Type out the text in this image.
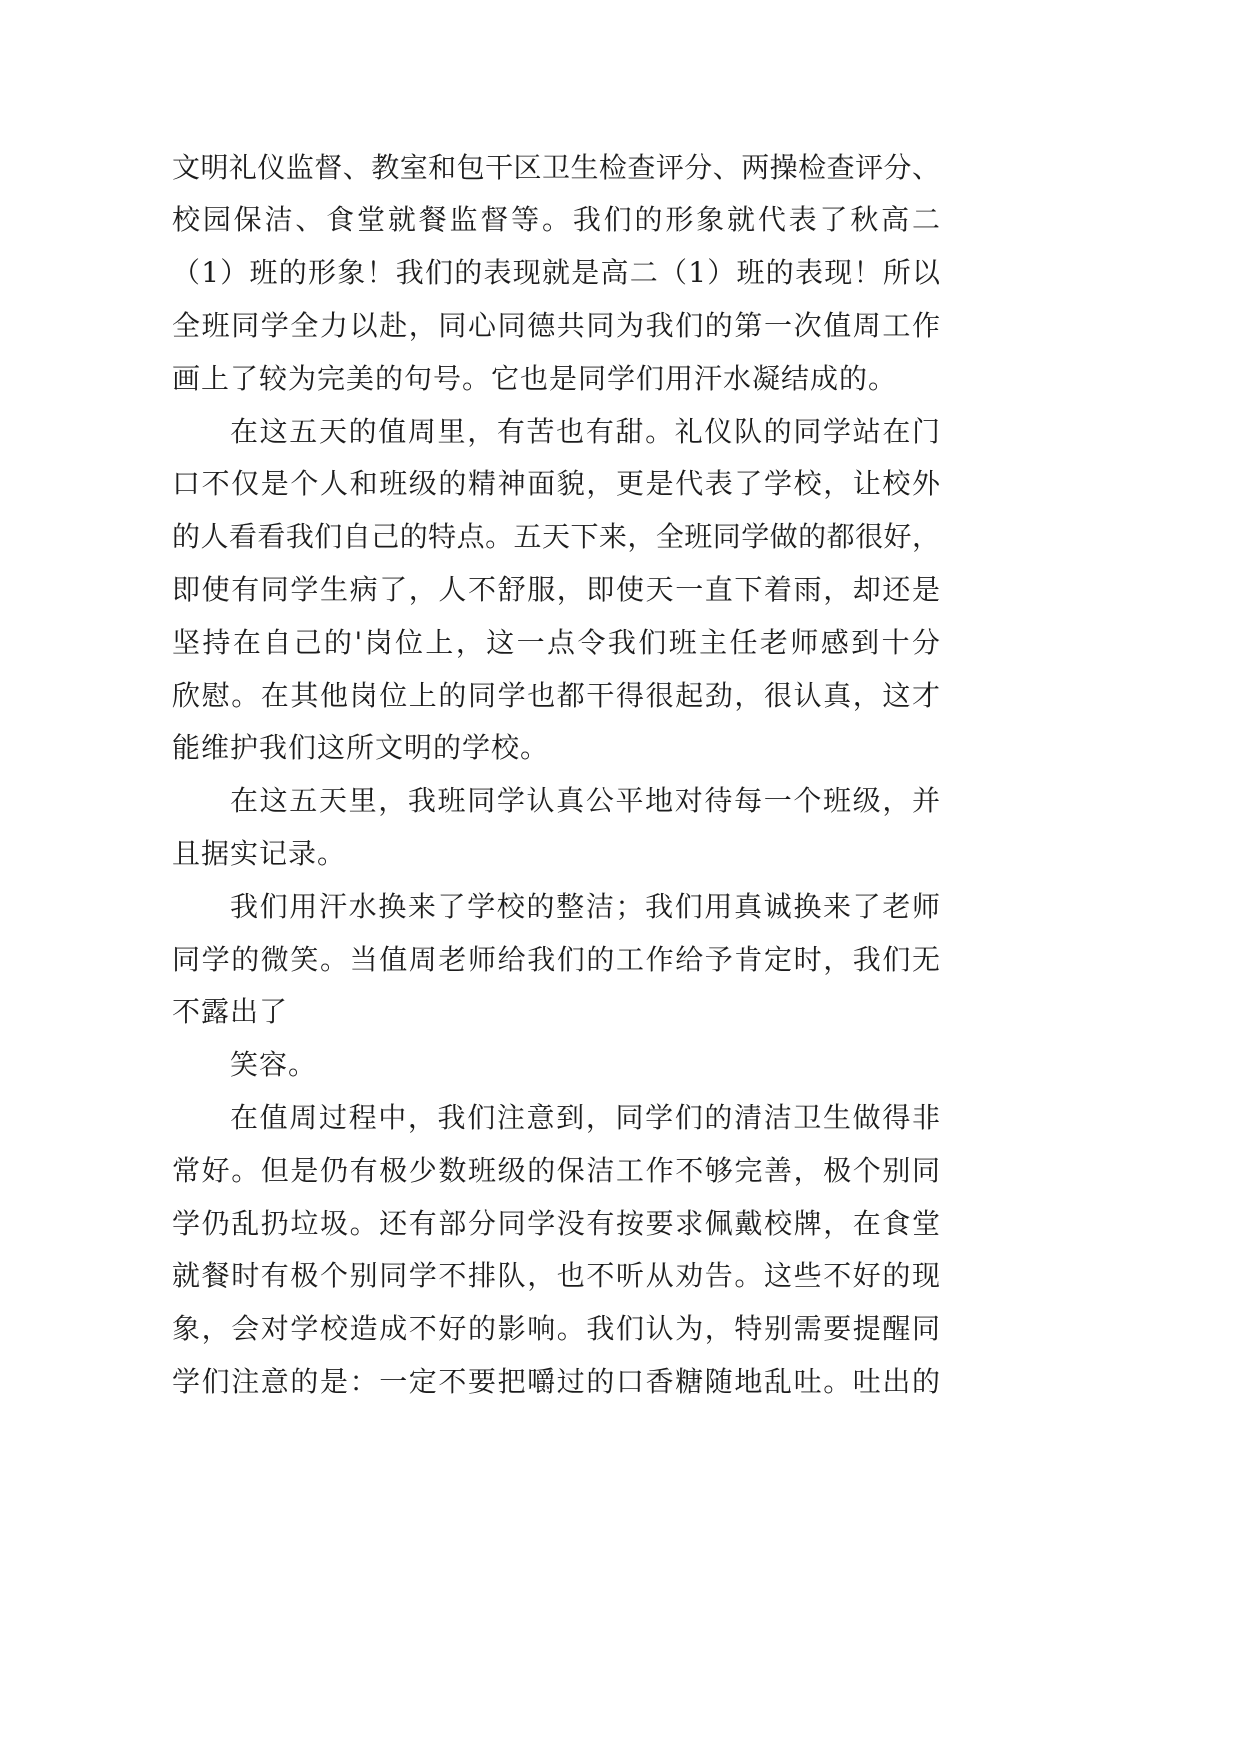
文明礼仪监督、教室和包干区卫生检查评分、两操检查评分、
校园保洁、食堂就餐监督等。我们的形象就代表了秋高二
（1）班的形象！我们的表现就是高二（1）班的表现！所以
全班同学全力以赴，同心同德共同为我们的第一次值周工作
画上了较为完美的句号。它也是同学们用汗水凝结成的。
在这五天的值周里，有苦也有甜。礼仪队的同学站在门
口不仅是个人和班级的精神面貌，更是代表了学校，让校外
的人看看我们自己的特点。五天下来，全班同学做的都很好，
即使有同学生病了，人不舒服，即使天一直下着雨，却还是
坚持在自己的'岗位上，这一点令我们班主任老师感到十分
欣慰。在其他岗位上的同学也都干得很起劲，很认真，这才
能维护我们这所文明的学校。
在这五天里，我班同学认真公平地对待每一个班级，并
且据实记录。
我们用汗水换来了学校的整洁；我们用真诚换来了老师
同学的微笑。当值周老师给我们的工作给予肯定时，我们无
不露出了
笑容。
在值周过程中，我们注意到，同学们的清洁卫生做得非
常好。但是仍有极少数班级的保洁工作不够完善，极个别同
学仍乱扔垃圾。还有部分同学没有按要求佩戴校牌，在食堂
就餐时有极个别同学不排队，也不听从劝告。这些不好的现
象，会对学校造成不好的影响。我们认为，特别需要提醒同
学们注意的是：一定不要把嚼过的口香糖随地乱吐。吐出的
